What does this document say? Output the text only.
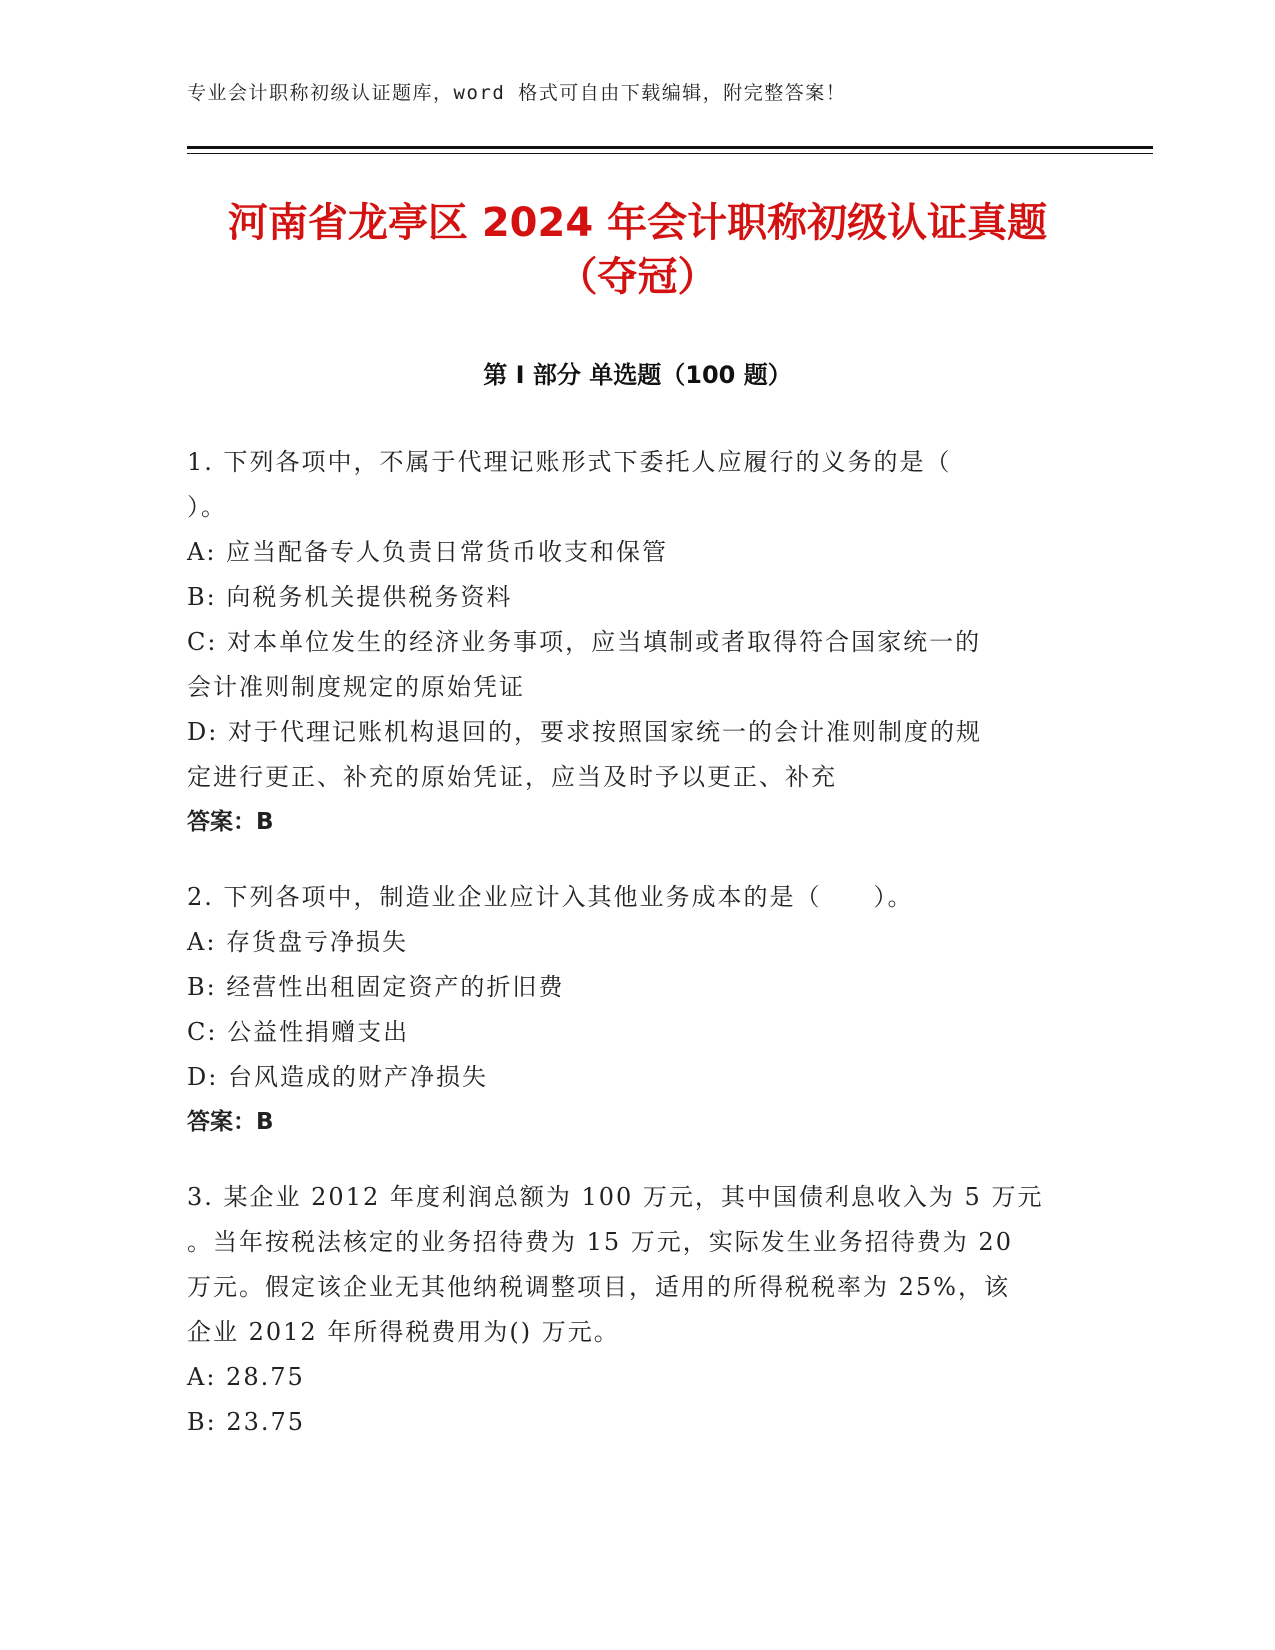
专业会计职称初级认证题库，word 格式可自由下载编辑，附完整答案！
河南省龙亭区 2024 年会计职称初级认证真题
（夺冠）
第 I 部分 单选题（100 题）
1. 下列各项中，不属于代理记账形式下委托人应履行的义务的是（
）。
A: 应当配备专人负责日常货币收支和保管
B: 向税务机关提供税务资料
C: 对本单位发生的经济业务事项，应当填制或者取得符合国家统一的
会计准则制度规定的原始凭证
D: 对于代理记账机构退回的，要求按照国家统一的会计准则制度的规
定进行更正、补充的原始凭证，应当及时予以更正、补充
答案：B
2. 下列各项中，制造业企业应计入其他业务成本的是（　　）。
A: 存货盘亏净损失
B: 经营性出租固定资产的折旧费
C: 公益性捐赠支出
D: 台风造成的财产净损失
答案：B
3. 某企业 2012 年度利润总额为 100 万元，其中国债利息收入为 5 万元
。当年按税法核定的业务招待费为 15 万元，实际发生业务招待费为 20
万元。假定该企业无其他纳税调整项目，适用的所得税税率为 25%，该
企业 2012 年所得税费用为() 万元。
A: 28.75
B: 23.75
